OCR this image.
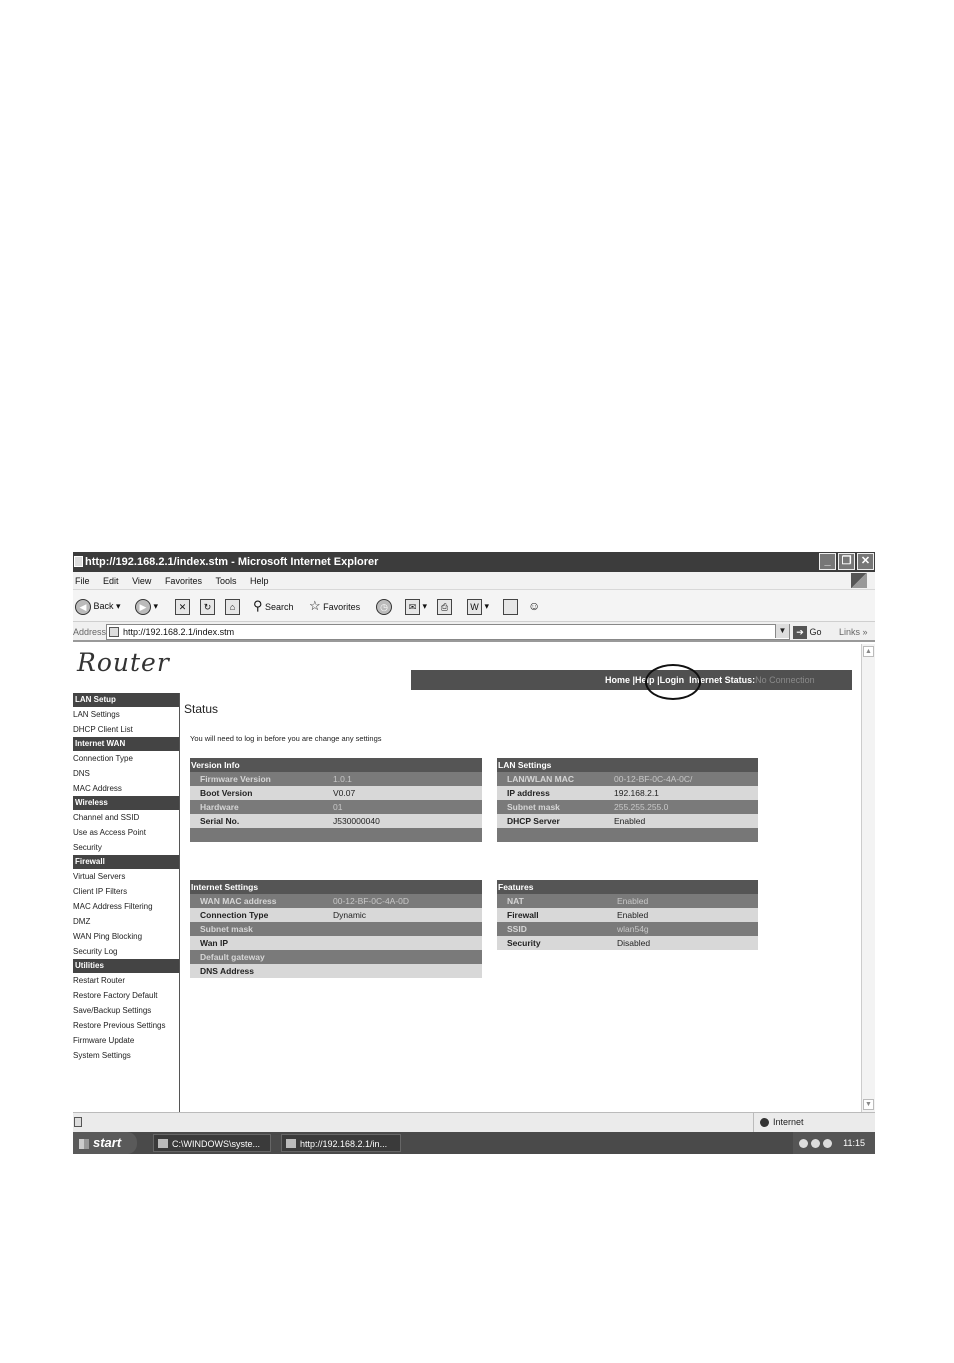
http://192.168.2.1/index.stm - Microsoft Internet Explorer	_	❐ ✕
File Edit View Favorites Tools Help
◀ Back ▾	▶ ▾	✕	↻	⌂	⚲ Search ☆ Favorites	◷	✉ ▾	⎙	W ▾	☺
Address	http://192.168.2.1/index.stm	▼	➔ Go Links »
Router
Home |Help |Login Internet Status:No Connection
LAN Setup
LAN Settings
DHCP Client List
Internet WAN
Connection Type
DNS
MAC Address
Wireless
Channel and SSID
Use as Access Point
Security
Firewall
Virtual Servers
Client IP Filters
MAC Address Filtering
DMZ
WAN Ping Blocking
Security Log
Utilities
Restart Router
Restore Factory Default
Save/Backup Settings
Restore Previous Settings
Firmware Update
System Settings
Status
You will need to log in before you are change any settings
Version Info
Firmware Version	1.0.1
Boot Version	V0.07
Hardware	01
Serial No.	J530000040
LAN Settings
LAN/WLAN MAC	00-12-BF-0C-4A-0C/
IP address	192.168.2.1
Subnet mask	255.255.255.0
DHCP Server	Enabled
Internet Settings
WAN MAC address	00-12-BF-0C-4A-0D
Connection Type	Dynamic
Subnet mask
Wan IP
Default gateway
DNS Address
Features
NAT	Enabled
Firewall	Enabled
SSID	wlan54g
Security	Disabled
▲
▼
Internet
start	C:\WINDOWS\syste...	http://192.168.2.1/in...	11:15
